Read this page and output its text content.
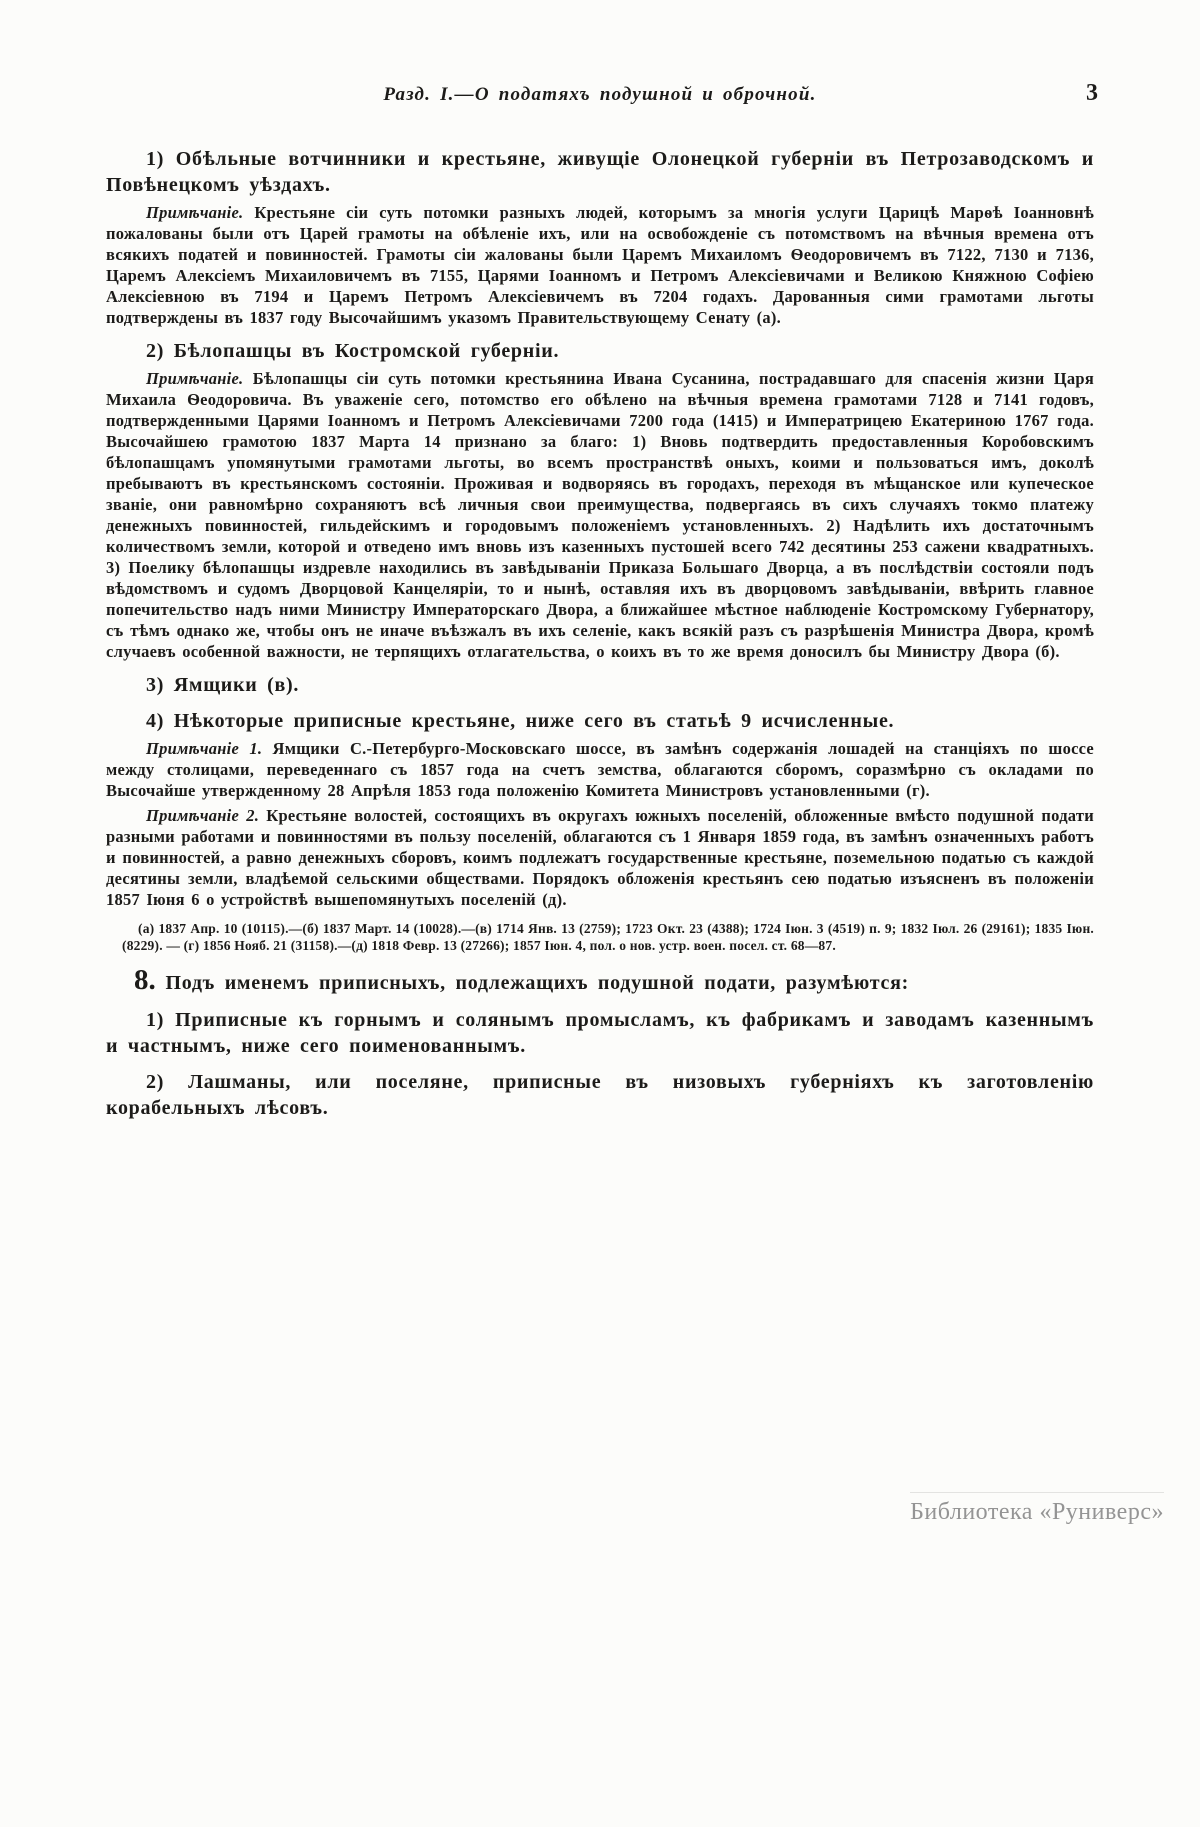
Разд. I.—О податяхъ подушной и оброчной.	3

1) Обѣльные вотчинники и крестьяне, живущіе Олонецкой губерніи въ Петрозаводскомъ и Повѣнецкомъ уѣздахъ.

Примѣчаніе. Крестьяне сіи суть потомки разныхъ людей, которымъ за многія услуги Царицѣ Марѳѣ Іоанновнѣ пожалованы были отъ Царей грамоты на обѣленіе ихъ, или на освобожденіе съ потомствомъ на вѣчныя времена отъ всякихъ податей и повинностей. Грамоты сіи жалованы были Царемъ Михаиломъ Ѳеодоровичемъ въ 7122, 7130 и 7136, Царемъ Алексіемъ Михаиловичемъ въ 7155, Царями Іоанномъ и Петромъ Алексіевичами и Великою Княжною Софіею Алексіевною въ 7194 и Царемъ Петромъ Алексіевичемъ въ 7204 годахъ. Дарованныя сими грамотами льготы подтверждены въ 1837 году Высочайшимъ указомъ Правительствующему Сенату (а).

2) Бѣлопашцы въ Костромской губерніи.

Примѣчаніе. Бѣлопашцы сіи суть потомки крестьянина Ивана Сусанина, пострадавшаго для спасенія жизни Царя Михаила Ѳеодоровича. Въ уваженіе сего, потомство его обѣлено на вѣчныя времена грамотами 7128 и 7141 годовъ, подтвержденными Царями Іоанномъ и Петромъ Алексіевичами 7200 года (1415) и Императрицею Екатериною 1767 года. Высочайшею грамотою 1837 Марта 14 признано за благо: 1) Вновь подтвердить предоставленныя Коробовскимъ бѣлопашцамъ упомянутыми грамотами льготы, во всемъ пространствѣ оныхъ, коими и пользоваться имъ, доколѣ пребываютъ въ крестьянскомъ состояніи. Проживая и водворяясь въ городахъ, переходя въ мѣщанское или купеческое званіе, они равномѣрно сохраняютъ всѣ личныя свои преимущества, подвергаясь въ сихъ случаяхъ токмо платежу денежныхъ повинностей, гильдейскимъ и городовымъ положеніемъ установленныхъ. 2) Надѣлить ихъ достаточнымъ количествомъ земли, которой и отведено имъ вновь изъ казенныхъ пустошей всего 742 десятины 253 сажени квадратныхъ. 3) Поелику бѣлопашцы издревле находились въ завѣдываніи Приказа Большаго Дворца, а въ послѣдствіи состояли подъ вѣдомствомъ и судомъ Дворцовой Канцеляріи, то и нынѣ, оставляя ихъ въ дворцовомъ завѣдываніи, ввѣрить главное попечительство надъ ними Министру Императорскаго Двора, а ближайшее мѣстное наблюденіе Костромскому Губернатору, съ тѣмъ однако же, чтобы онъ не иначе въѣзжалъ въ ихъ селеніе, какъ всякій разъ съ разрѣшенія Министра Двора, кромѣ случаевъ особенной важности, не терпящихъ отлагательства, о коихъ въ то же время доносилъ бы Министру Двора (б).

3) Ямщики (в).

4) Нѣкоторые приписные крестьяне, ниже сего въ статьѣ 9 исчисленные.

Примѣчаніе 1. Ямщики С.-Петербурго-Московскаго шоссе, въ замѣнъ содержанія лошадей на станціяхъ по шоссе между столицами, переведеннаго съ 1857 года на счетъ земства, облагаются сборомъ, соразмѣрно съ окладами по Высочайше утвержденному 28 Апрѣля 1853 года положенію Комитета Министровъ установленными (г).

Примѣчаніе 2. Крестьяне волостей, состоящихъ въ округахъ южныхъ поселеній, обложенные вмѣсто подушной подати разными работами и повинностями въ пользу поселеній, облагаются съ 1 Января 1859 года, въ замѣнъ означенныхъ работъ и повинностей, а равно денежныхъ сборовъ, коимъ подлежатъ государственные крестьяне, поземельною податью съ каждой десятины земли, владѣемой сельскими обществами. Порядокъ обложенія крестьянъ сею податью изъясненъ въ положеніи 1857 Іюня 6 о устройствѣ вышепомянутыхъ поселеній (д).

(а) 1837 Апр. 10 (10115).—(б) 1837 Март. 14 (10028).—(в) 1714 Янв. 13 (2759); 1723 Окт. 23 (4388); 1724 Іюн. 3 (4519) п. 9; 1832 Іюл. 26 (29161); 1835 Іюн. (8229). — (г) 1856 Нояб. 21 (31158).—(д) 1818 Февр. 13 (27266); 1857 Іюн. 4, пол. о нов. устр. воен. посел. ст. 68—87.

8. Подъ именемъ приписныхъ, подлежащихъ подушной подати, разумѣются:

1) Приписные къ горнымъ и солянымъ промысламъ, къ фабрикамъ и заводамъ казеннымъ и частнымъ, ниже сего поименованнымъ.

2) Лашманы, или поселяне, приписные въ низовыхъ губерніяхъ къ заготовленію корабельныхъ лѣсовъ.

Библиотека «Руниверс»
